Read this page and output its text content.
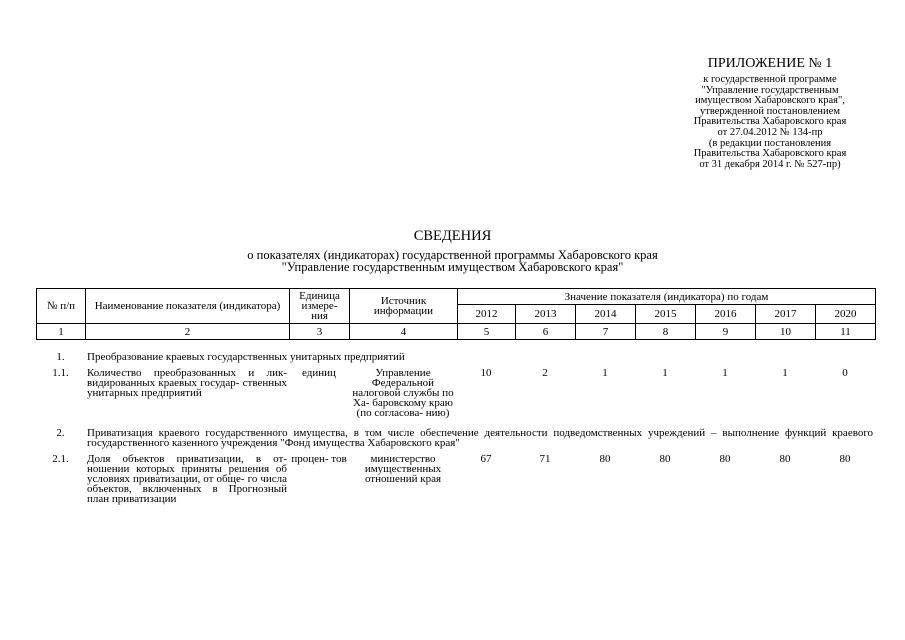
ПРИЛОЖЕНИЕ № 1
к государственной программе
"Управление государственным
имуществом Хабаровского края",
утвержденной постановлением
Правительства Хабаровского края
от 27.04.2012 № 134-пр
(в редакции постановления
Правительства Хабаровского края
от 31 декабря 2014 г. № 527-пр)
СВЕДЕНИЯ
о показателях (индикаторах) государственной программы Хабаровского края
"Управление государственным имуществом Хабаровского края"
№ п/п	Наименование показателя (индикатора)	Единица измере- ния	Источник информации	Значение показателя (индикатора) по годам						
				2012	2013	2014	2015	2016	2017	2020
1	2	3	4	5	6	7	8	9	10	11
1.	Преобразование краевых государственных унитарных предприятий									
1.1.	Количество преобразованных и лик- видированных краевых государ- ственных унитарных предприятий	единиц	Управление Федеральной налоговой службы по Ха- баровскому краю (по согласова- нию)	10	2	1	1	1	1	0
2.	Приватизация краевого государственного имущества, в том числе обеспечение деятельности подведомственных учреждений – выполнение функций краевого государственного казенного учреждения "Фонд имущества Хабаровского края"									
2.1.	Доля объектов приватизации, в от- ношении которых приняты решения об условиях приватизации, от обще- го числа объектов, включенных в Прогнозный план приватизации	процен- тов	министерство имущественных отношений края	67	71	80	80	80	80	80
